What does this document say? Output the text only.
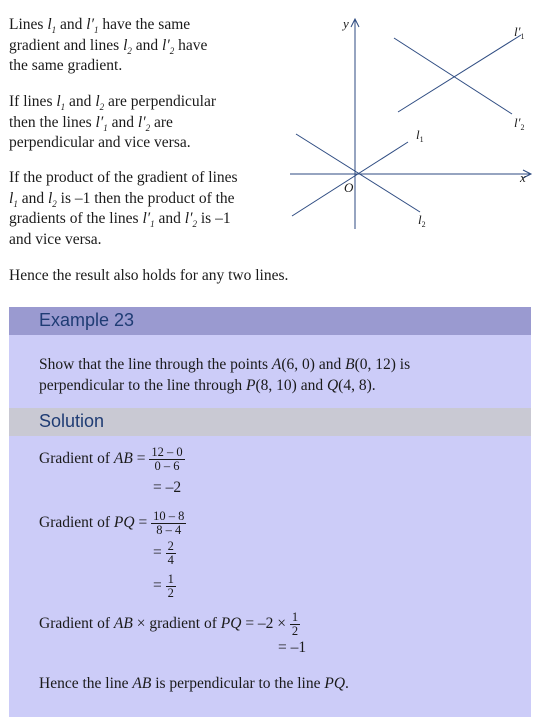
Lines $l_1$ and $l'_1$ have the same
gradient and lines $l_2$ and $l'_2$ have
the same gradient.

If lines $l_1$ and $l_2$ are perpendicular
then the lines $l'_1$ and $l'_2$ are
perpendicular and vice versa.

If the product of the gradient of lines
$l_1$ and $l_2$ is –1 then the product of the
gradients of the lines $l'_1$ and $l'_2$ is –1
and vice versa.

Hence the result also holds for any two lines.

y
x
O
$l_1$
$l_2$
$l'_1$
$l'_2$
Example 23
Show that the line through the points A(6, 0) and B(0, 12) is
perpendicular to the line through P(8, 10) and Q(4, 8).
Solution
Gradient of AB = $\frac{12 - 0}{0 - 6}$
= –2
Gradient of PQ = $\frac{10 - 8}{8 - 4}$
= $\frac{2}{4}$
= $\frac{1}{2}$
Gradient of AB × gradient of PQ = $-2 \times \frac{1}{2}$
= –1
Hence the line AB is perpendicular to the line PQ.
